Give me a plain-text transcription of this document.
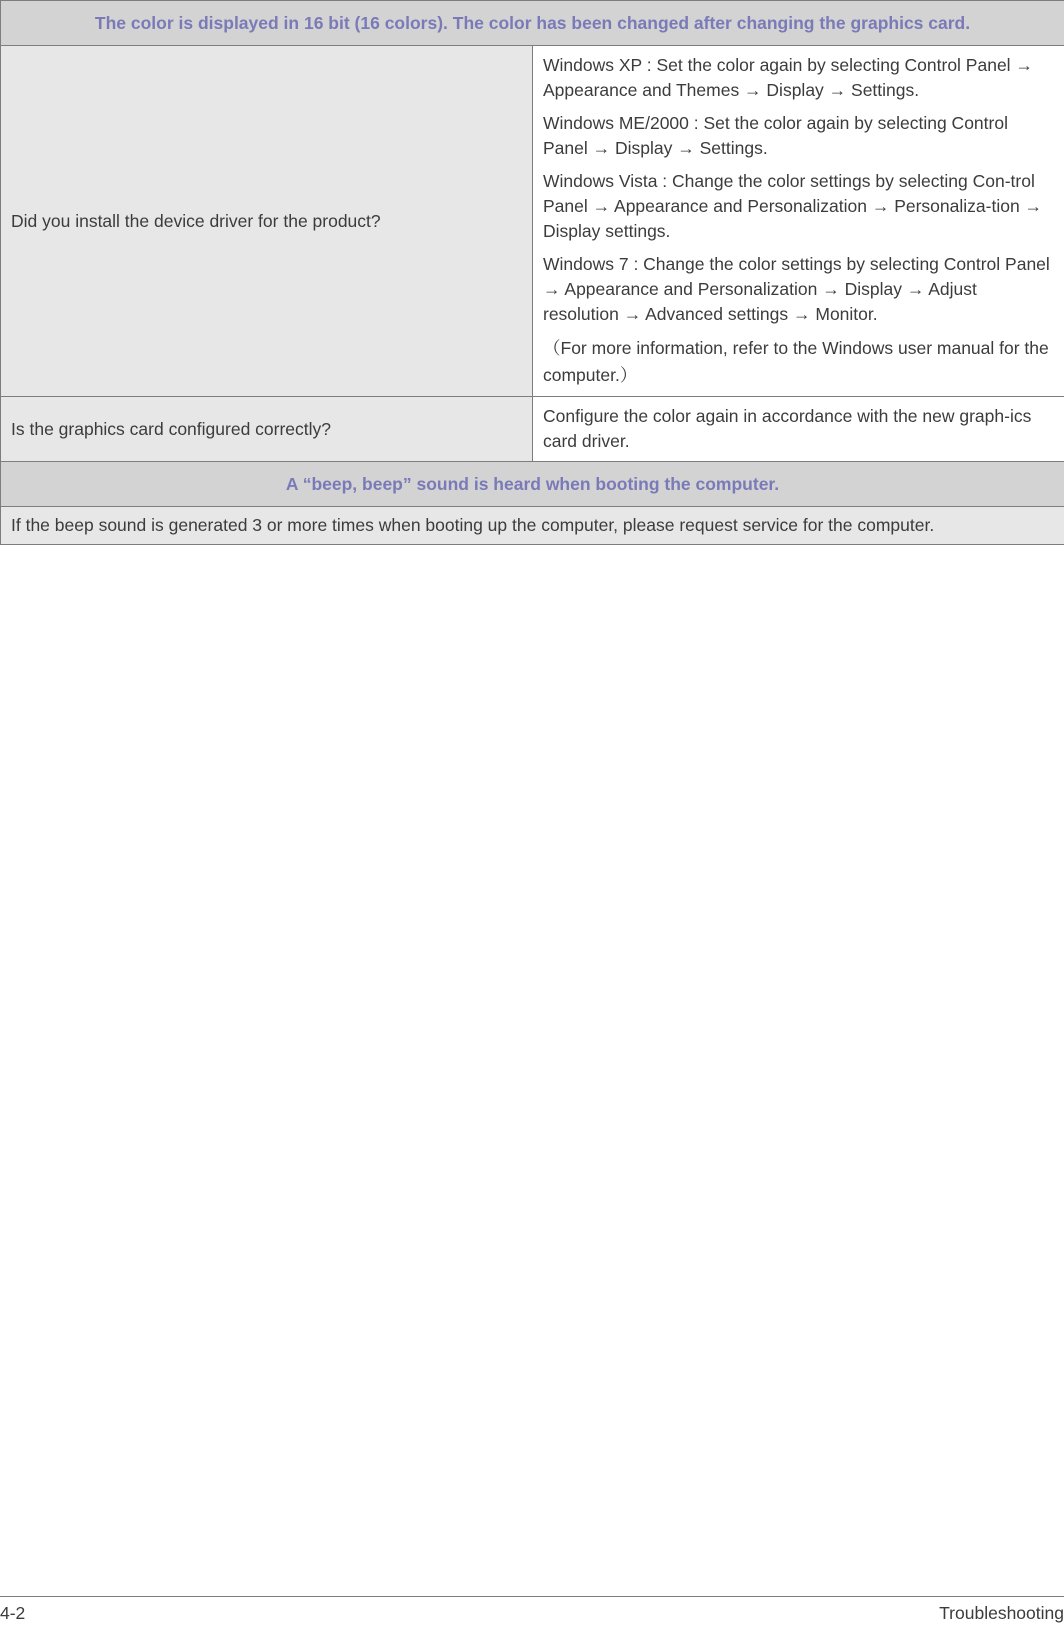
The color is displayed in 16 bit (16 colors). The color has been changed after changing the graphics card.	
Did you install the device driver for the product?	Windows XP : Set the color again by selecting Control Panel → Appearance and Themes → Display → Settings.

Windows ME/2000 : Set the color again by selecting Control Panel → Display → Settings.

Windows Vista : Change the color settings by selecting Con-trol Panel → Appearance and Personalization → Personaliza-tion → Display settings.

Windows 7 : Change the color settings by selecting Control Panel → Appearance and Personalization → Display → Adjust resolution → Advanced settings → Monitor.

（For more information, refer to the Windows user manual for the computer.）

Is the graphics card configured correctly?	Configure the color again in accordance with the new graph-ics card driver.

A “beep, beep” sound is heard when booting the computer.	
If the beep sound is generated 3 or more times when booting up the computer, please request service for the computer.	
4-2	Troubleshooting
